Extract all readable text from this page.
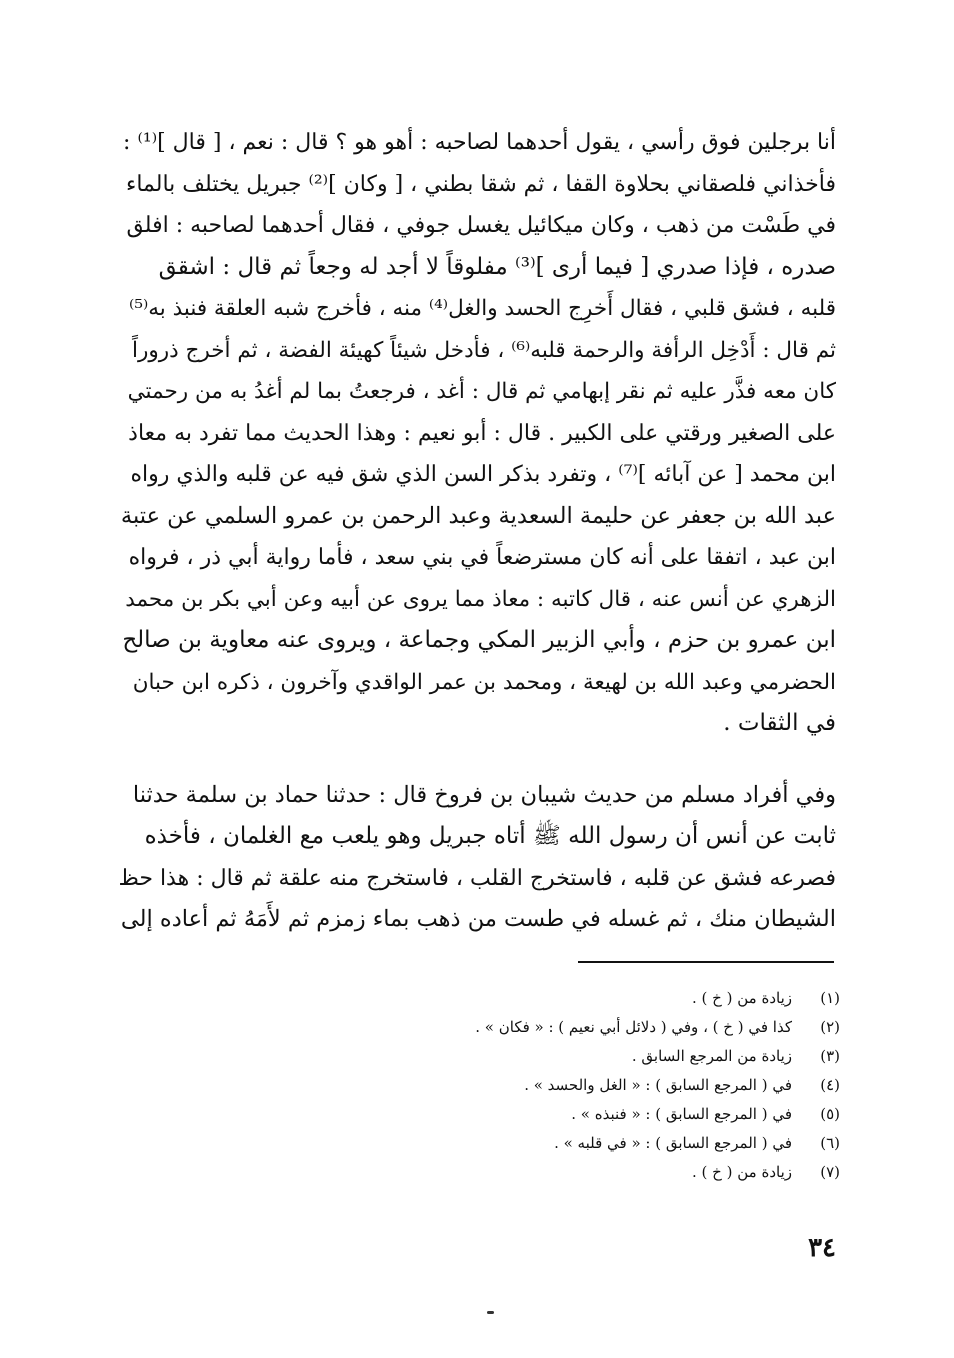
أنا برجلين فوق رأسي ، يقول أحدهما لصاحبه : أهو هو ؟ قال : نعم ، [ قال ]⁽¹⁾ :
فأخذاني فلصقاني بحلاوة القفا ، ثم شقا بطني ، [ وكان ]⁽²⁾ جبريل يختلف بالماء
في طَسْت من ذهب ، وكان ميكائيل يغسل جوفي ، فقال أحدهما لصاحبه : افلق
صدره ، فإذا صدري [ فيما أرى ]⁽³⁾ مفلوقاً لا أجد له وجعاً ثم قال : اشقق
قلبه ، فشق قلبي ، فقال أَخرِج الحسد والغل⁽⁴⁾ منه ، فأخرج شبه العلقة فنبذ به⁽⁵⁾
ثم قال : أَدْخِل الرأفة والرحمة قلبه⁽⁶⁾ ، فأدخل شيئاً كهيئة الفضة ، ثم أخرج ذروراً
كان معه فذَّر عليه ثم نقر إبهامي ثم قال : أغد ، فرجعتُ بما لم أغدُ به من رحمتي
على الصغير ورقتي على الكبير . قال : أبو نعيم : وهذا الحديث مما تفرد به معاذ
ابن محمد [ عن آبائه ]⁽⁷⁾ ، وتفرد بذكر السن الذي شق فيه عن قلبه والذي رواه
عبد الله بن جعفر عن حليمة السعدية وعبد الرحمن بن عمرو السلمي عن عتبة
ابن عبد ، اتفقا على أنه كان مسترضعاً في بني سعد ، فأما رواية أبي ذر ، فرواه
الزهري عن أنس عنه ، قال كاتبه : معاذ مما يروى عن أبيه وعن أبي بكر بن محمد
ابن عمرو بن حزم ، وأبي الزبير المكي وجماعة ، ويروى عنه معاوية بن صالح
الحضرمي وعبد الله بن لهيعة ، ومحمد بن عمر الواقدي وآخرون ، ذكره ابن حبان
في الثقات .

وفي أفراد مسلم من حديث شيبان بن فروخ قال : حدثنا حماد بن سلمة حدثنا
ثابت عن أنس أن رسول الله ﷺ أتاه جبريل وهو يلعب مع الغلمان ، فأخذه
فصرعه فشق عن قلبه ، فاستخرج القلب ، فاستخرج منه علقة ثم قال : هذا حظ
الشيطان منك ، ثم غسله في طست من ذهب بماء زمزم ثم لأَمَهُ ثم أعاده إلى

(١)
زيادة من ( خ ) .
(٢)
كذا في ( خ ) ، وفي ( دلائل أبي نعيم ) : « فكان » .
(٣)
زيادة من المرجع السابق .
(٤)
في ( المرجع السابق ) : « الغل والحسد » .
(٥)
في ( المرجع السابق ) : « فنبذه » .
(٦)
في ( المرجع السابق ) : « في قلبه » .
(٧)
زيادة من ( خ ) .
٣٤
